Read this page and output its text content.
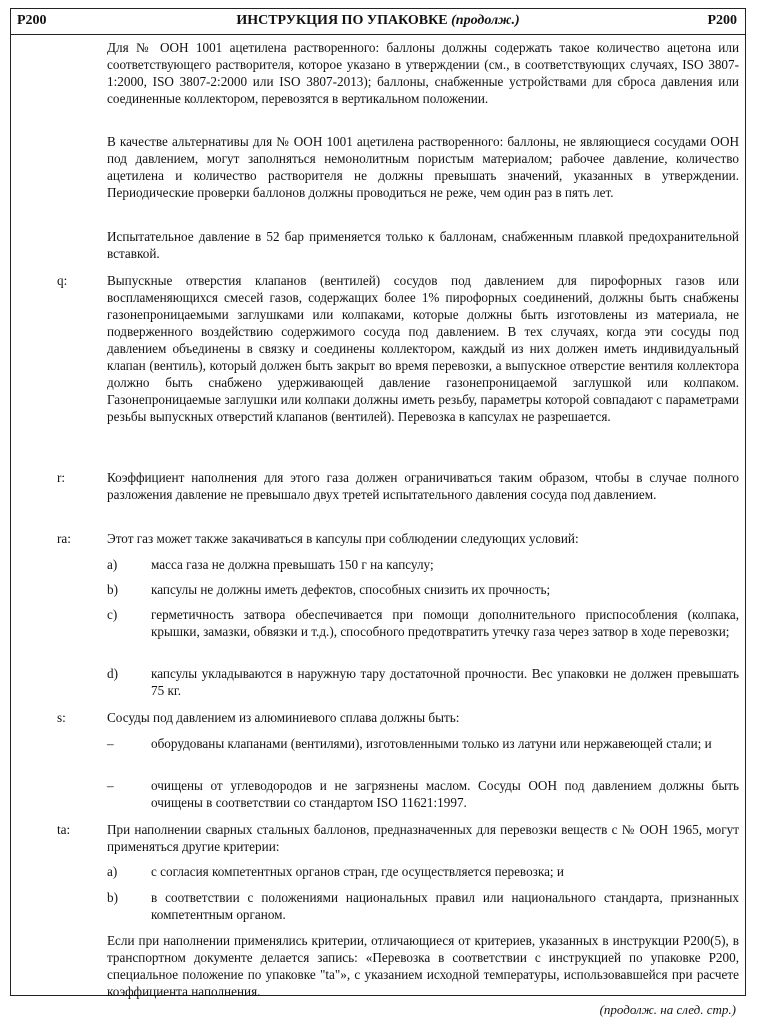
P200	ИНСТРУКЦИЯ ПО УПАКОВКЕ (продолж.)	P200
Для № ООН 1001 ацетилена растворенного: баллоны должны содержать такое количество ацетона или соответствующего растворителя, которое указано в утверждении (см., в соответствующих случаях, ISO 3807-1:2000, ISO 3807-2:2000 или ISO 3807-2013); баллоны, снабженные устройствами для сброса давления или соединенные коллектором, перевозятся в вертикальном положении.
В качестве альтернативы для № ООН 1001 ацетилена растворенного: баллоны, не являющиеся сосудами ООН под давлением, могут заполняться немонолитным пористым материалом; рабочее давление, количество ацетилена и количество растворителя не должны превышать значений, указанных в утверждении. Периодические проверки баллонов должны проводиться не реже, чем один раз в пять лет.
Испытательное давление в 52 бар применяется только к баллонам, снабженным плавкой предохранительной вставкой.
q:	Выпускные отверстия клапанов (вентилей) сосудов под давлением для пирофорных газов или воспламеняющихся смесей газов, содержащих более 1% пирофорных соединений, должны быть снабжены газонепроницаемыми заглушками или колпаками, которые должны быть изготовлены из материала, не подверженного воздействию содержимого сосуда под давлением. В тех случаях, когда эти сосуды под давлением объединены в связку и соединены коллектором, каждый из них должен иметь индивидуальный клапан (вентиль), который должен быть закрыт во время перевозки, а выпускное отверстие вентиля коллектора должно быть снабжено удерживающей давление газонепроницаемой заглушкой или колпаком. Газонепроницаемые заглушки или колпаки должны иметь резьбу, параметры которой совпадают с параметрами резьбы выпускных отверстий клапанов (вентилей). Перевозка в капсулах не разрешается.
r:	Коэффициент наполнения для этого газа должен ограничиваться таким образом, чтобы в случае полного разложения давление не превышало двух третей испытательного давления сосуда под давлением.
ra:	Этот газ может также закачиваться в капсулы при соблюдении следующих условий:
a)	масса газа не должна превышать 150 г на капсулу;
b)	капсулы не должны иметь дефектов, способных снизить их прочность;
c)	герметичность затвора обеспечивается при помощи дополнительного приспособления (колпака, крышки, замазки, обвязки и т.д.), способного предотвратить утечку газа через затвор в ходе перевозки;
d)	капсулы укладываются в наружную тару достаточной прочности. Вес упаковки не должен превышать 75 кг.
s:	Сосуды под давлением из алюминиевого сплава должны быть:
–	оборудованы клапанами (вентилями), изготовленными только из латуни или нержавеющей стали; и
–	очищены от углеводородов и не загрязнены маслом. Сосуды ООН под давлением должны быть очищены в соответствии со стандартом ISO 11621:1997.
ta:	При наполнении сварных стальных баллонов, предназначенных для перевозки веществ с № ООН 1965, могут применяться другие критерии:
a)	с согласия компетентных органов стран, где осуществляется перевозка; и
b)	в соответствии с положениями национальных правил или национального стандарта, признанных компетентным органом.
Если при наполнении применялись критерии, отличающиеся от критериев, указанных в инструкции P200(5), в транспортном документе делается запись: «Перевозка в соответствии с инструкцией по упаковке P200, специальное положение по упаковке "ta"», с указанием исходной температуры, использовавшейся при расчете коэффициента наполнения.
(продолж. на след. стр.)
